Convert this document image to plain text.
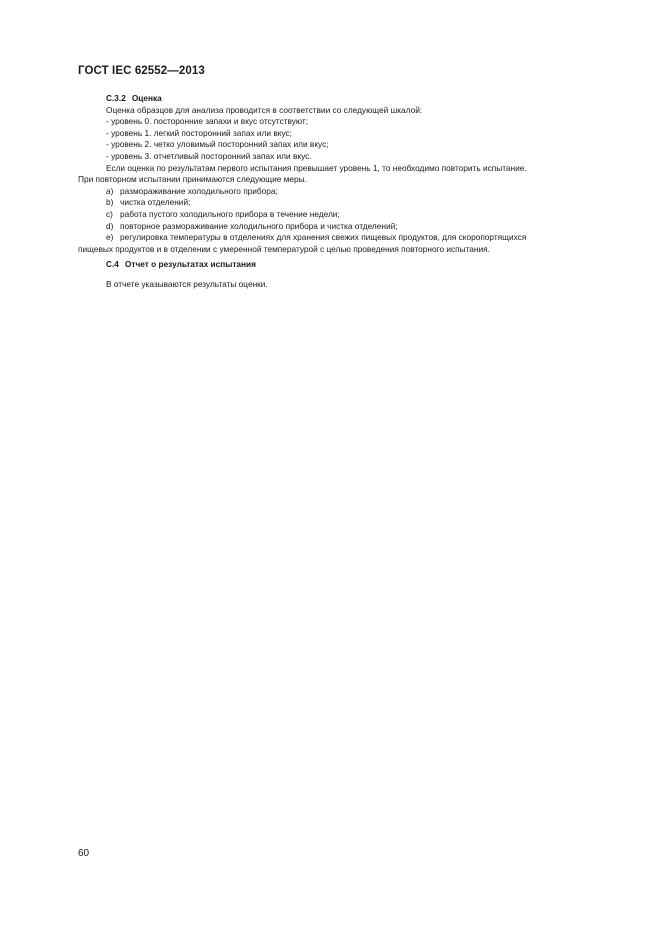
ГОСТ IEC 62552—2013
С.3.2 Оценка
Оценка образцов для анализа проводится в соответствии со следующей шкалой:
- уровень 0. посторонние запахи и вкус отсутствуют;
- уровень 1. легкий посторонний запах или вкус;
- уровень 2. четко уловимый посторонний запах или вкус;
- уровень 3. отчетливый посторонний запах или вкус.
Если оценка по результатам первого испытания превышает уровень 1, то необходимо повторить испытание.
При повторном испытании принимаются следующие меры.
a) размораживание холодильного прибора;
b) чистка отделений;
c) работа пустого холодильного прибора в течение недели;
d) повторное размораживание холодильного прибора и чистка отделений;
e) регулировка температуры в отделениях для хранения свежих пищевых продуктов, для скоропортящихся
пищевых продуктов и в отделении с умеренной температурой с целью проведения повторного испытания.
С.4 Отчет о результатах испытания
В отчете указываются результаты оценки.
60
